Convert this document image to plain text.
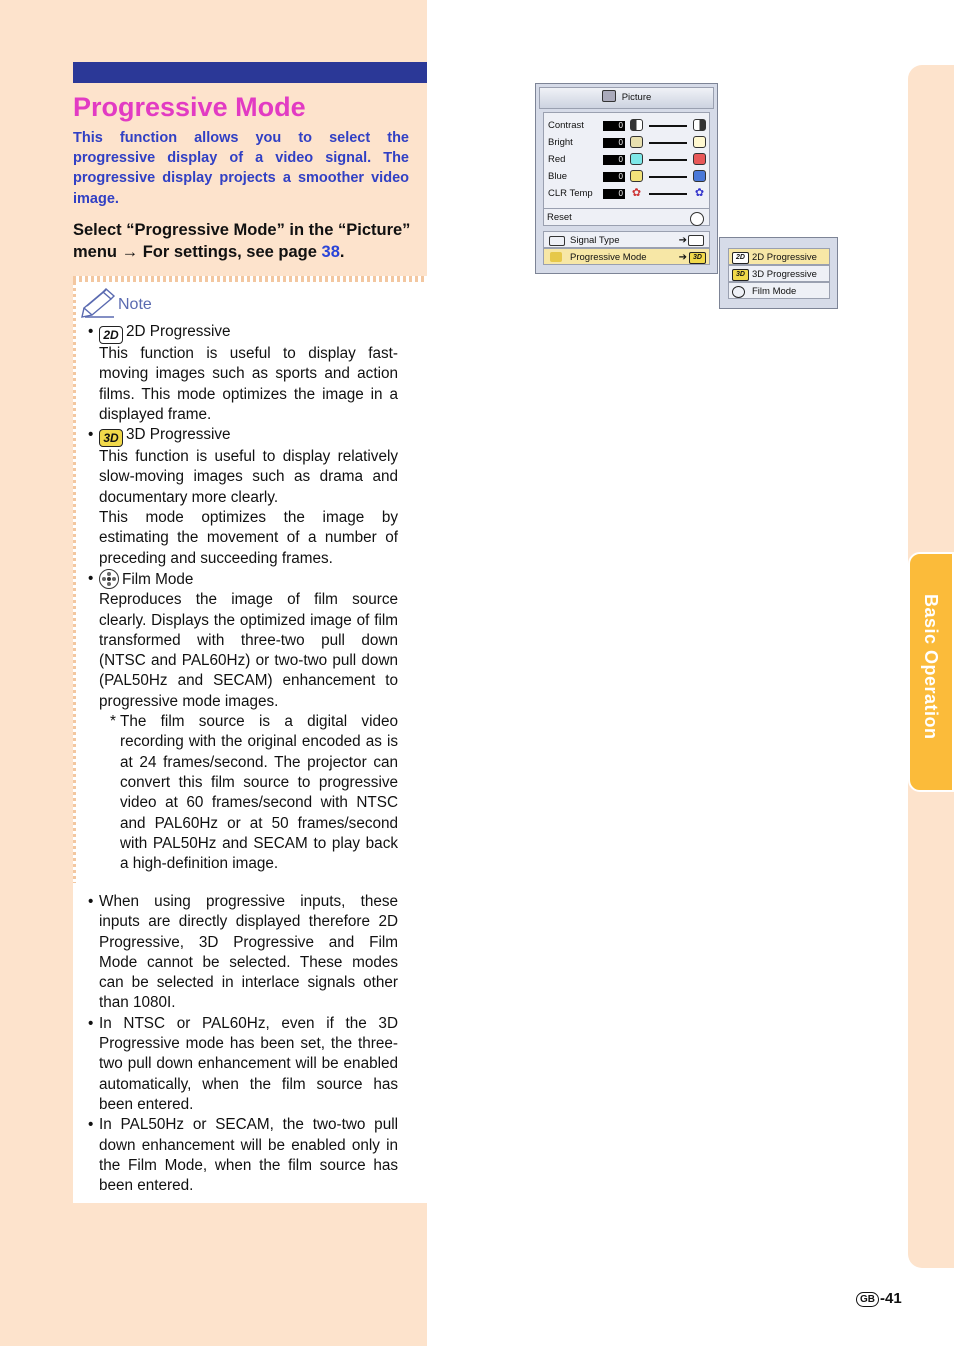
Progressive Mode
This function allows you to select the progressive display of a video signal. The progressive display projects a smoother video image.
Select “Progressive Mode” in the “Picture” menu → For settings, see page 38.
Note
• 2D 2D Progressive
This function is useful to display fast-moving images such as sports and action films. This mode optimizes the image in a displayed frame.
• 3D 3D Progressive
This function is useful to display relatively slow-moving images such as drama and documentary more clearly.
This mode optimizes the image by estimating the movement of a number of preceding and succeeding frames.
•	Film Mode
Reproduces the image of film source clearly. Displays the optimized image of film transformed with three-two pull down (NTSC and PAL60Hz) or two-two pull down (PAL50Hz and SECAM) enhancement to progressive mode images.
* The film source is a digital video recording with the original encoded as is at 24 frames/second. The projector can convert this film source to progressive video at 60 frames/second with NTSC and PAL60Hz or at 50 frames/second with PAL50Hz and SECAM to play back a high-definition image.
• When using progressive inputs, these inputs are directly displayed therefore 2D Progressive, 3D Progressive and Film Mode cannot be selected. These modes can be selected in interlace signals other than 1080I.
• In NTSC or PAL60Hz, even if the 3D Progressive mode has been set, the three-two pull down enhancement will be enabled automatically, when the film source has been entered.
• In PAL50Hz or SECAM, the two-two pull down enhancement will be enabled only in the Film Mode, when the film source has been entered.
Picture
Contrast	0
Bright	0
Red	0
Blue	0
CLR Temp	0 ✿	✿
Reset
Signal Type	➔
Progressive Mode	➔ 3D	2D 2D Progressive
3D 3D Progressive
Film Mode
Basic Operation
GB -41
